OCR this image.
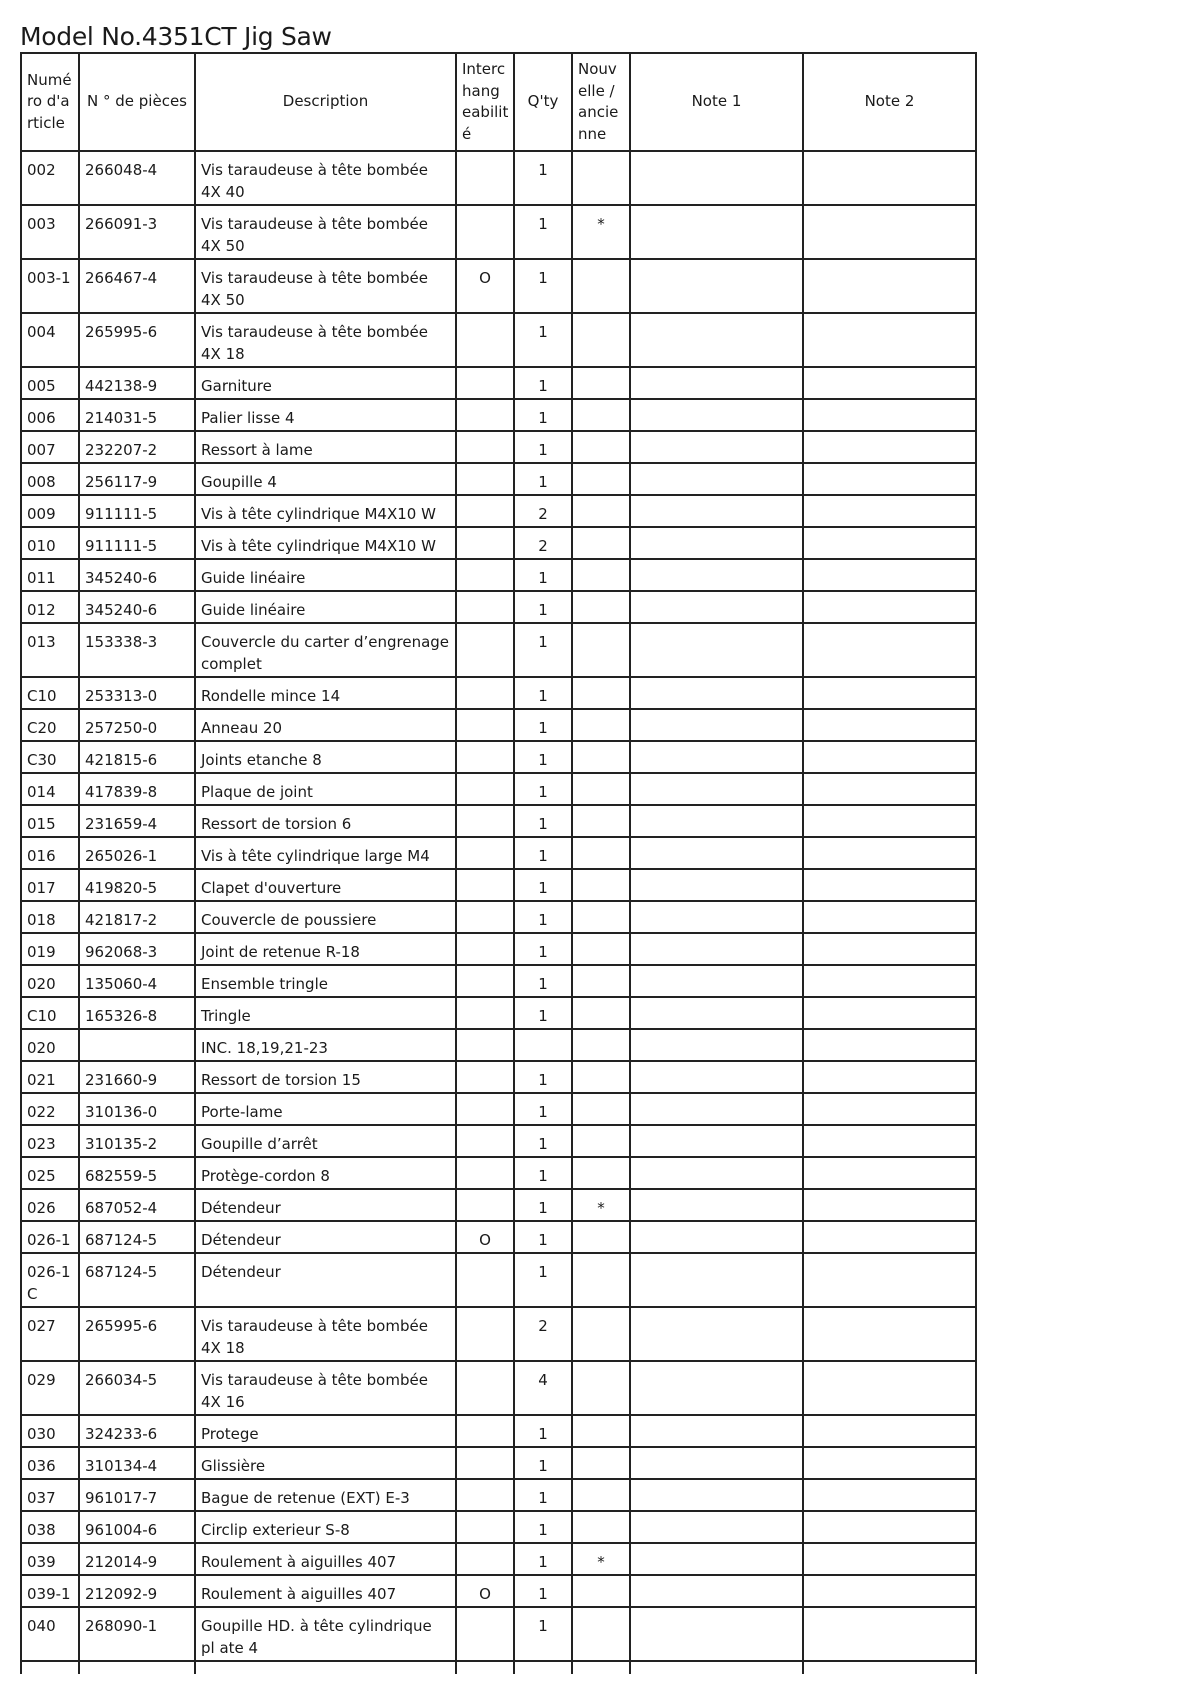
Model No.4351CT Jig Saw
Numé ro d'a rticle	N ° de pièces	Description	Interc hang eabilit é	Q'ty	Nouv elle / ancie nne	Note 1	Note 2
002	266048-4	Vis taraudeuse à tête bombée 4X 40		1			
003	266091-3	Vis taraudeuse à tête bombée 4X 50		1	*		
003-1	266467-4	Vis taraudeuse à tête bombée 4X 50	O	1			
004	265995-6	Vis taraudeuse à tête bombée 4X 18		1			
005	442138-9	Garniture		1			
006	214031-5	Palier lisse 4		1			
007	232207-2	Ressort à lame		1			
008	256117-9	Goupille 4		1			
009	911111-5	Vis à tête cylindrique M4X10 W		2			
010	911111-5	Vis à tête cylindrique M4X10 W		2			
011	345240-6	Guide linéaire		1			
012	345240-6	Guide linéaire		1			
013	153338-3	Couvercle du carter d’engrenage complet		1			
C10	253313-0	Rondelle mince 14		1			
C20	257250-0	Anneau 20		1			
C30	421815-6	Joints etanche 8		1			
014	417839-8	Plaque de joint		1			
015	231659-4	Ressort de torsion 6		1			
016	265026-1	Vis à tête cylindrique large M4		1			
017	419820-5	Clapet d'ouverture		1			
018	421817-2	Couvercle de poussiere		1			
019	962068-3	Joint de retenue R-18		1			
020	135060-4	Ensemble tringle		1			
C10	165326-8	Tringle		1			
020		INC. 18,19,21-23					
021	231660-9	Ressort de torsion 15		1			
022	310136-0	Porte-lame		1			
023	310135-2	Goupille d’arrêt		1			
025	682559-5	Protège-cordon 8		1			
026	687052-4	Détendeur		1	*		
026-1	687124-5	Détendeur	O	1			
026-1 C	687124-5	Détendeur		1			
027	265995-6	Vis taraudeuse à tête bombée 4X 18		2			
029	266034-5	Vis taraudeuse à tête bombée 4X 16		4			
030	324233-6	Protege		1			
036	310134-4	Glissière		1			
037	961017-7	Bague de retenue (EXT) E-3		1			
038	961004-6	Circlip exterieur S-8		1			
039	212014-9	Roulement à aiguilles 407		1	*		
039-1	212092-9	Roulement à aiguilles 407	O	1			
040	268090-1	Goupille HD. à tête cylindrique pl ate 4		1			
